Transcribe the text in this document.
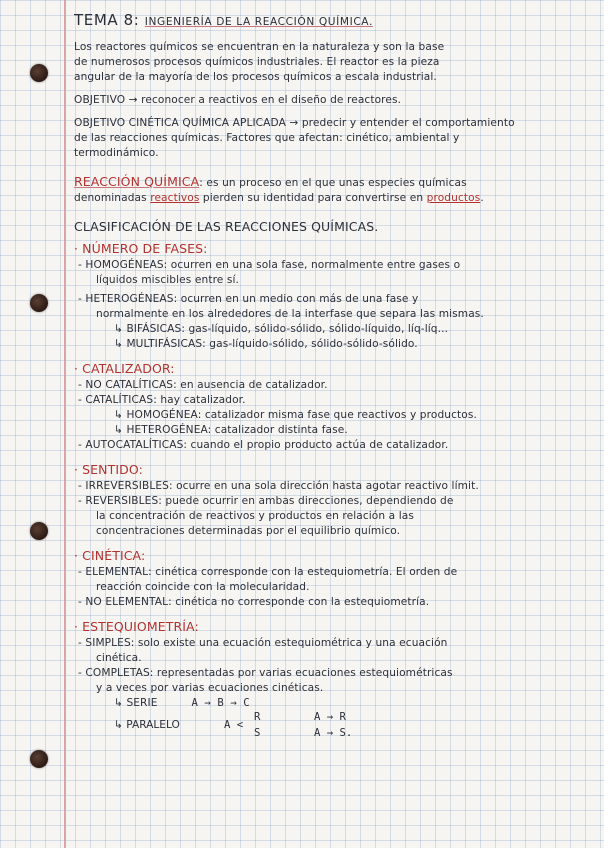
TEMA 8: INGENIERÍA DE LA REACCIÓN QUÍMICA.
Los reactores químicos se encuentran en la naturaleza y son la base
de numerosos procesos químicos industriales. El reactor es la pieza
angular de la mayoría de los procesos químicos a escala industrial.
OBJETIVO → reconocer a reactivos en el diseño de reactores.
OBJETIVO CINÉTICA QUÍMICA APLICADA → predecir y entender el comportamiento
de las reacciones químicas. Factores que afectan: cinético, ambiental y
termodinámico.
REACCIÓN QUÍMICA: es un proceso en el que unas especies químicas
denominadas reactivos pierden su identidad para convertirse en productos.
CLASIFICACIÓN DE LAS REACCIONES QUÍMICAS.
· NÚMERO DE FASES:
- HOMOGÉNEAS: ocurren en una sola fase, normalmente entre gases o
líquidos miscibles entre sí.
- HETEROGÉNEAS: ocurren en un medio con más de una fase y
normalmente en los alrededores de la interfase que separa las mismas.
↳ BIFÁSICAS: gas-líquido, sólido-sólido, sólido-líquido, líq-líq...
↳ MULTIFÁSICAS: gas-líquido-sólido, sólido-sólido-sólido.
· CATALIZADOR:
- NO CATALÍTICAS: en ausencia de catalizador.
- CATALÍTICAS: hay catalizador.
↳ HOMOGÉNEA: catalizador misma fase que reactivos y productos.
↳ HETEROGÉNEA: catalizador distinta fase.
- AUTOCATALÍTICAS: cuando el propio producto actúa de catalizador.
· SENTIDO:
- IRREVERSIBLES: ocurre en una sola dirección hasta agotar reactivo límit.
- REVERSIBLES: puede ocurrir en ambas direcciones, dependiendo de
la concentración de reactivos y productos en relación a las
concentraciones determinadas por el equilibrio químico.
· CINÉTICA:
- ELEMENTAL: cinética corresponde con la estequiometría. El orden de
reacción coincide con la molecularidad.
- NO ELEMENTAL: cinética no corresponde con la estequiometría.
· ESTEQUIOMETRÍA:
- SIMPLES: solo existe una ecuación estequiométrica y una ecuación
cinética.
- COMPLETAS: representadas por varias ecuaciones estequiométricas
y a veces por varias ecuaciones cinéticas.
↳ SERIE	A → B → C
↳ PARALELO	A <
R
S
A → R
A → S.
